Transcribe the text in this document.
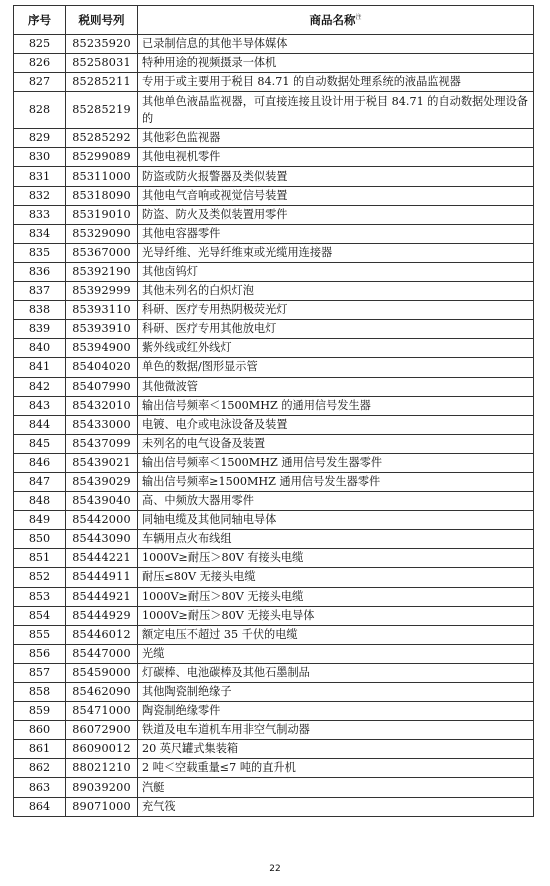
序号	税则号列	商品名称$^注$
825	85235920	已录制信息的其他半导体媒体
826	85258031	特种用途的视频摄录一体机
827	85285211	专用于或主要用于税目 84.71 的自动数据处理系统的液晶监视器
828	85285219	其他单色液晶监视器，可直接连接且设计用于税目 84.71 的自动数据处理设备的
829	85285292	其他彩色监视器
830	85299089	其他电视机零件
831	85311000	防盗或防火报警器及类似装置
832	85318090	其他电气音响或视觉信号装置
833	85319010	防盗、防火及类似装置用零件
834	85329090	其他电容器零件
835	85367000	光导纤维、光导纤维束或光缆用连接器
836	85392190	其他卤钨灯
837	85392999	其他未列名的白炽灯泡
838	85393110	科研、医疗专用热阴极荧光灯
839	85393910	科研、医疗专用其他放电灯
840	85394900	紫外线或红外线灯
841	85404020	单色的数据/图形显示管
842	85407990	其他微波管
843	85432010	输出信号频率＜1500MHZ 的通用信号发生器
844	85433000	电镀、电介或电泳设备及装置
845	85437099	未列名的电气设备及装置
846	85439021	输出信号频率＜1500MHZ 通用信号发生器零件
847	85439029	输出信号频率≥1500MHZ 通用信号发生器零件
848	85439040	高、中频放大器用零件
849	85442000	同轴电缆及其他同轴电导体
850	85443090	车辆用点火布线组
851	85444221	1000V≥耐压＞80V 有接头电缆
852	85444911	耐压≤80V 无接头电缆
853	85444921	1000V≥耐压＞80V 无接头电缆
854	85444929	1000V≥耐压＞80V 无接头电导体
855	85446012	额定电压不超过 35 千伏的电缆
856	85447000	光缆
857	85459000	灯碳棒、电池碳棒及其他石墨制品
858	85462090	其他陶瓷制绝缘子
859	85471000	陶瓷制绝缘零件
860	86072900	铁道及电车道机车用非空气制动器
861	86090012	20 英尺罐式集装箱
862	88021210	2 吨＜空载重量≤7 吨的直升机
863	89039200	汽艇
864	89071000	充气筏
22
